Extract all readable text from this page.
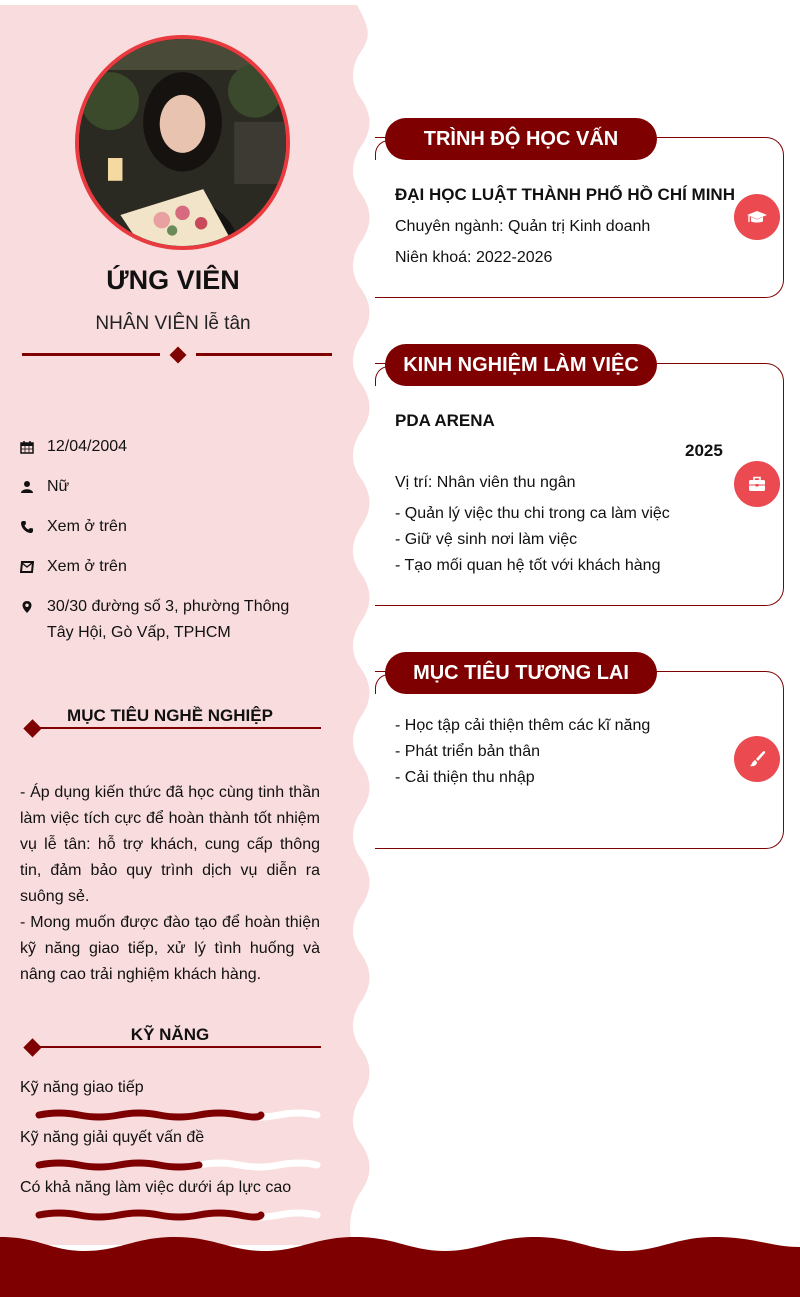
ỨNG VIÊN
NHÂN VIÊN lễ tân
12/04/2004
Nữ
Xem ở trên
Xem ở trên
30/30 đường số 3, phường Thông Tây Hội, Gò Vấp, TPHCM
MỤC TIÊU NGHỀ NGHIỆP
- Áp dụng kiến thức đã học cùng tinh thần làm việc tích cực để hoàn thành tốt nhiệm vụ lễ tân: hỗ trợ khách, cung cấp thông tin, đảm bảo quy trình dịch vụ diễn ra suông sẻ.
- Mong muốn được đào tạo để hoàn thiện kỹ năng giao tiếp, xử lý tình huống và nâng cao trải nghiệm khách hàng.
KỸ NĂNG
Kỹ năng giao tiếp
Kỹ năng giải quyết vấn đề
Có khả năng làm việc dưới áp lực cao
TRÌNH ĐỘ HỌC VẤN
ĐẠI HỌC LUẬT THÀNH PHỐ HỒ CHÍ MINH
Chuyên ngành: Quản trị Kinh doanh
Niên khoá: 2022-2026
KINH NGHIỆM LÀM VIỆC
PDA ARENA
2025
Vị trí: Nhân viên thu ngân
- Quản lý việc thu chi trong ca làm việc
- Giữ vệ sinh nơi làm việc
- Tạo mối quan hệ tốt với khách hàng
MỤC TIÊU TƯƠNG LAI
- Học tập cải thiện thêm các kĩ năng
- Phát triển bản thân
- Cải thiện thu nhập
